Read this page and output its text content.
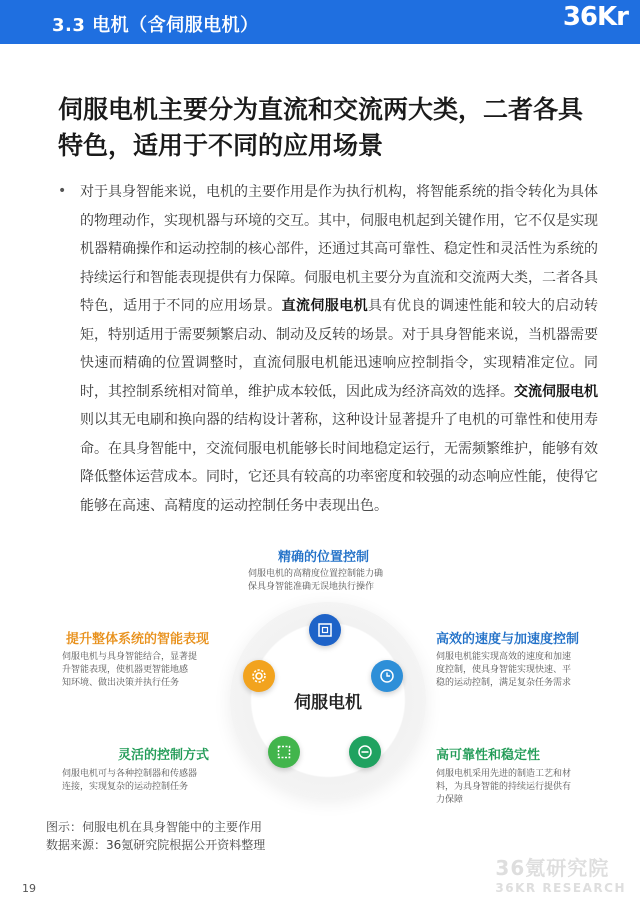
3.3 电机（含伺服电机）	36Kr
伺服电机主要分为直流和交流两大类，二者各具特色，适用于不同的应用场景
• 对于具身智能来说，电机的主要作用是作为执行机构，将智能系统的指令转化为具体的物理动作，实现机器与环境的交互。其中，伺服电机起到关键作用，它不仅是实现机器精确操作和运动控制的核心部件，还通过其高可靠性、稳定性和灵活性为系统的持续运行和智能表现提供有力保障。伺服电机主要分为直流和交流两大类，二者各具特色，适用于不同的应用场景。直流伺服电机具有优良的调速性能和较大的启动转矩，特别适用于需要频繁启动、制动及反转的场景。对于具身智能来说，当机器需要快速而精确的位置调整时，直流伺服电机能迅速响应控制指令，实现精准定位。同时，其控制系统相对简单，维护成本较低，因此成为经济高效的选择。交流伺服电机则以其无电刷和换向器的结构设计著称，这种设计显著提升了电机的可靠性和使用寿命。在具身智能中，交流伺服电机能够长时间地稳定运行，无需频繁维护，能够有效降低整体运营成本。同时，它还具有较高的功率密度和较强的动态响应性能，使得它能够在高速、高精度的运动控制任务中表现出色。
伺服电机
精确的位置控制
伺服电机的高精度位置控制能力确
保具身智能准确无误地执行操作
高效的速度与加速度控制
伺服电机能实现高效的速度和加速
度控制，使具身智能实现快速、平
稳的运动控制，满足复杂任务需求
高可靠性和稳定性
伺服电机采用先进的制造工艺和材
料，为具身智能的持续运行提供有
力保障
灵活的控制方式
伺服电机可与各种控制器和传感器
连接，实现复杂的运动控制任务
提升整体系统的智能表现
伺服电机与具身智能结合，显著提
升智能表现，使机器更智能地感
知环境、做出决策并执行任务
图示：伺服电机在具身智能中的主要作用
数据来源：36氪研究院根据公开资料整理
19
36氪研究院
36KR RESEARCH
